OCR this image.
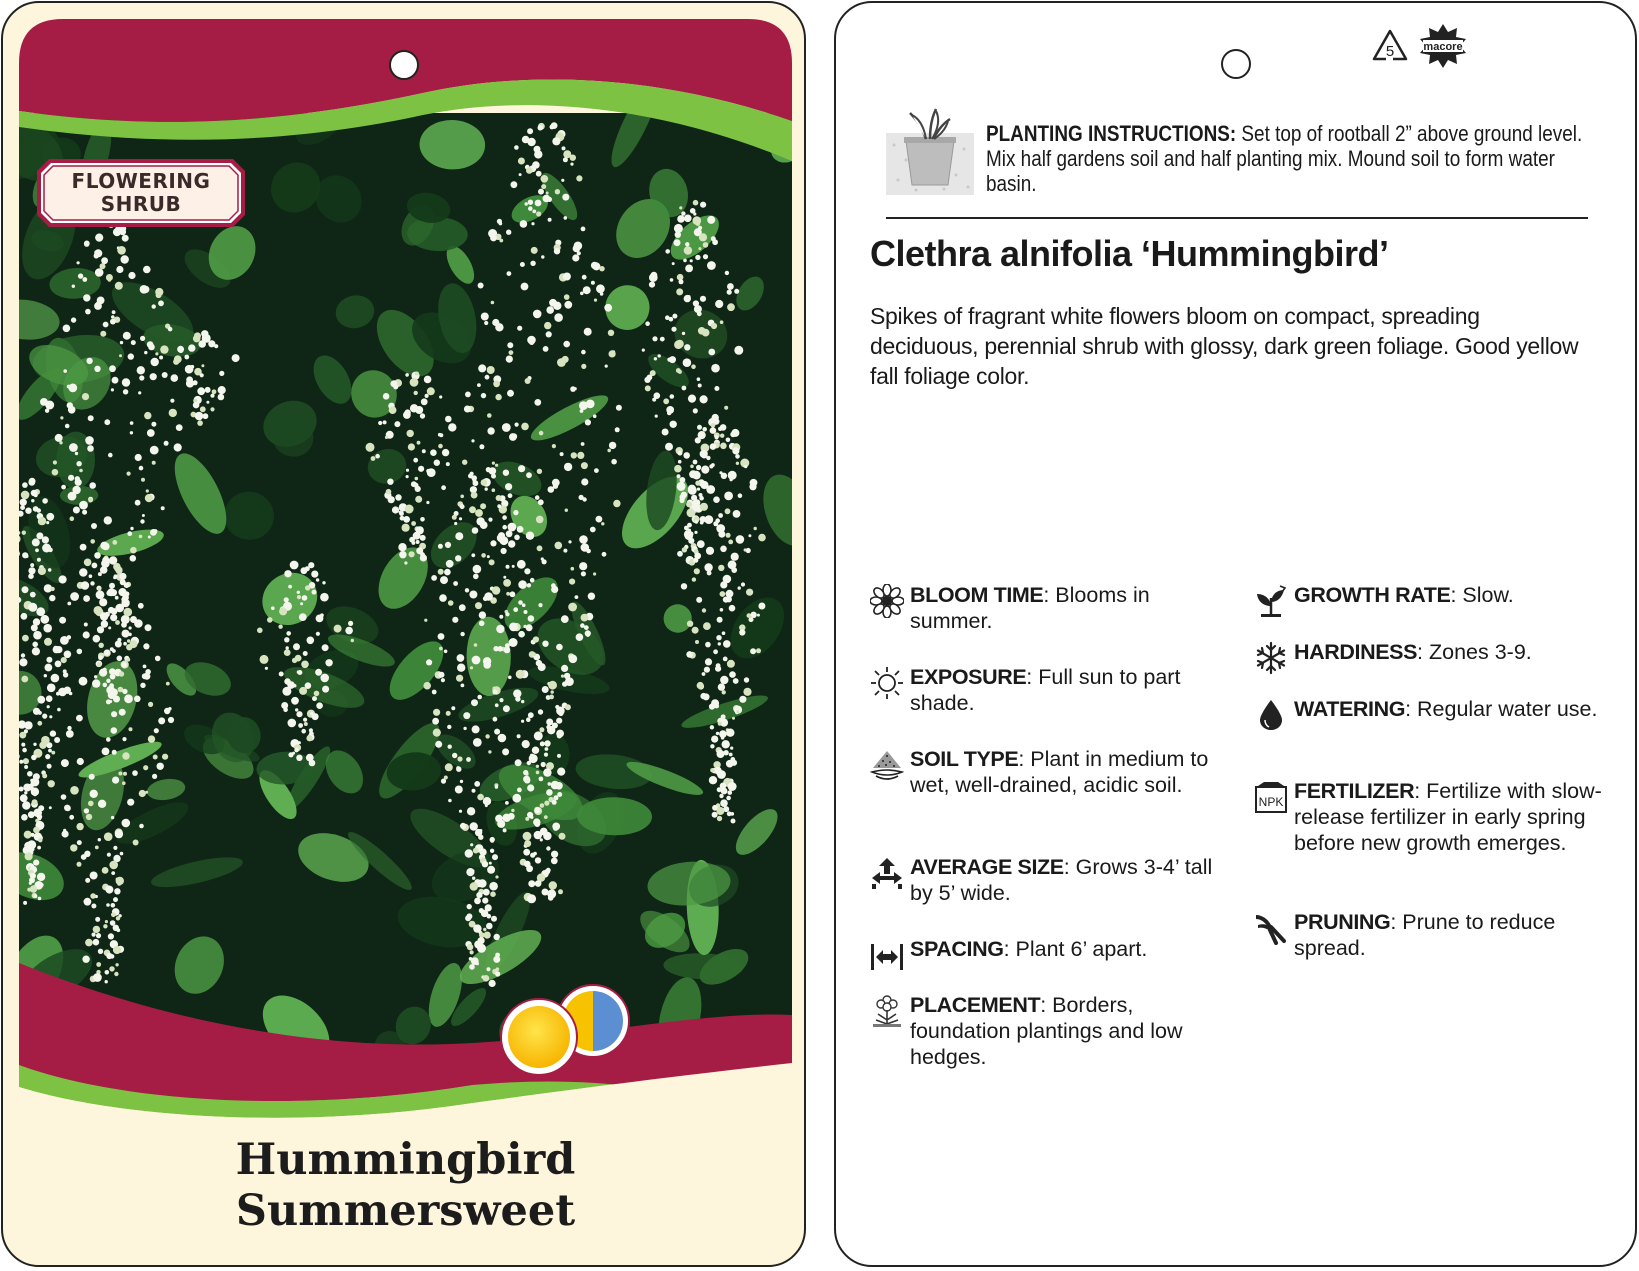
FLOWERING
SHRUB
Hummingbird
Summersweet
5	macore
PLANTING INSTRUCTIONS: Set top of rootball 2” above ground level. Mix half gardens soil and half planting mix. Mound soil to form water basin.
Clethra alnifolia ‘Hummingbird’
Spikes of fragrant white flowers bloom on compact, spreading deciduous, perennial shrub with glossy, dark green foliage. Good yellow fall foliage color.
BLOOM TIME: Blooms in summer.
EXPOSURE: Full sun to part shade.
SOIL TYPE: Plant in medium to wet, well-drained, acidic soil.
AVERAGE SIZE: Grows 3-4’ tall by 5’ wide.
SPACING: Plant 6’ apart.
PLACEMENT: Borders, foundation plantings and low hedges.
GROWTH RATE: Slow.
HARDINESS: Zones 3-9.
WATERING: Regular water use.
NPK FERTILIZER: Fertilize with slow-release fertilizer in early spring before new growth emerges.
PRUNING: Prune to reduce spread.
